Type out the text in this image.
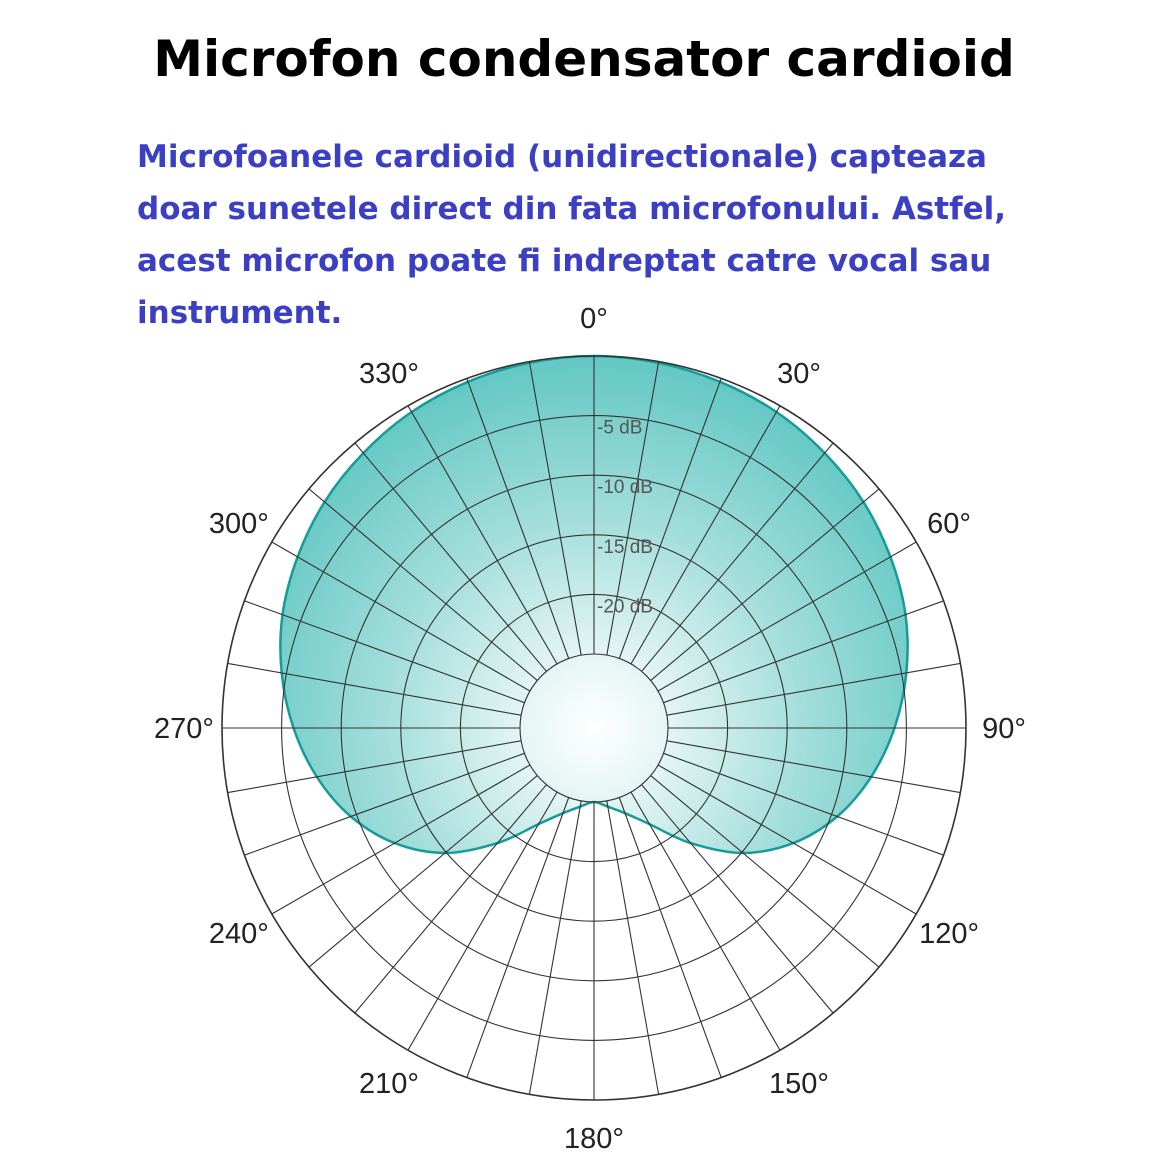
Microfon condensator cardioid
Microfoanele cardioid (unidirectionale) capteaza
doar sunetele direct din fata microfonului. Astfel,
acest microfon poate fi indreptat catre vocal sau
instrument.	0°
30°
60°
90°
120°
150°
180°
210°
240°
270°
300°
330°
-5 dB
-10 dB
-15 dB
-20 dB
